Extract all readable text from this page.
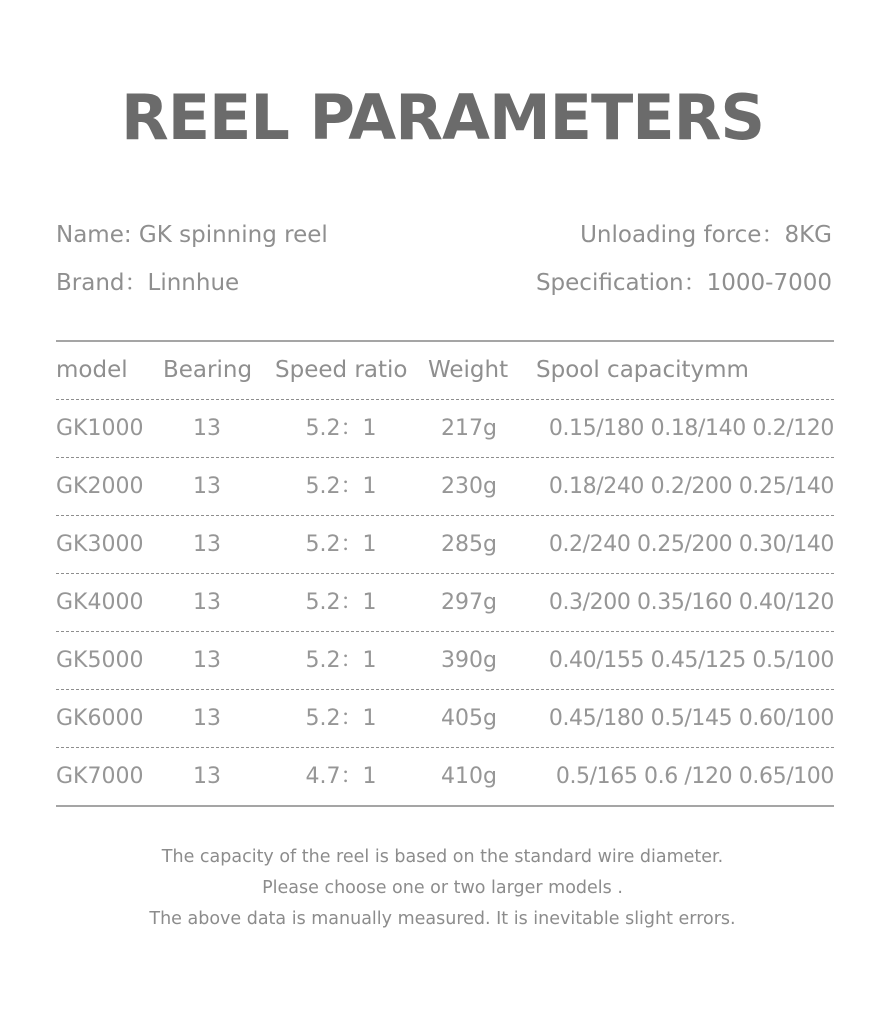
REEL PARAMETERS
Name: GK spinning reel
Brand：Linnhue
Unloading force：8KG
Specification：1000-7000
model Bearing Speed ratio Weight Spool capacitymm
GK1000	13	5.2：1	217g	0.15/180 0.18/140 0.2/120
GK2000	13	5.2：1	230g	0.18/240 0.2/200 0.25/140
GK3000	13	5.2：1	285g	0.2/240 0.25/200 0.30/140
GK4000	13	5.2：1	297g	0.3/200 0.35/160 0.40/120
GK5000	13	5.2：1	390g	0.40/155 0.45/125 0.5/100
GK6000	13	5.2：1	405g	0.45/180 0.5/145 0.60/100
GK7000	13	4.7：1	410g	0.5/165 0.6 /120 0.65/100
The capacity of the reel is based on the standard wire diameter.
Please choose one or two larger models .
The above data is manually measured. It is inevitable slight errors.
